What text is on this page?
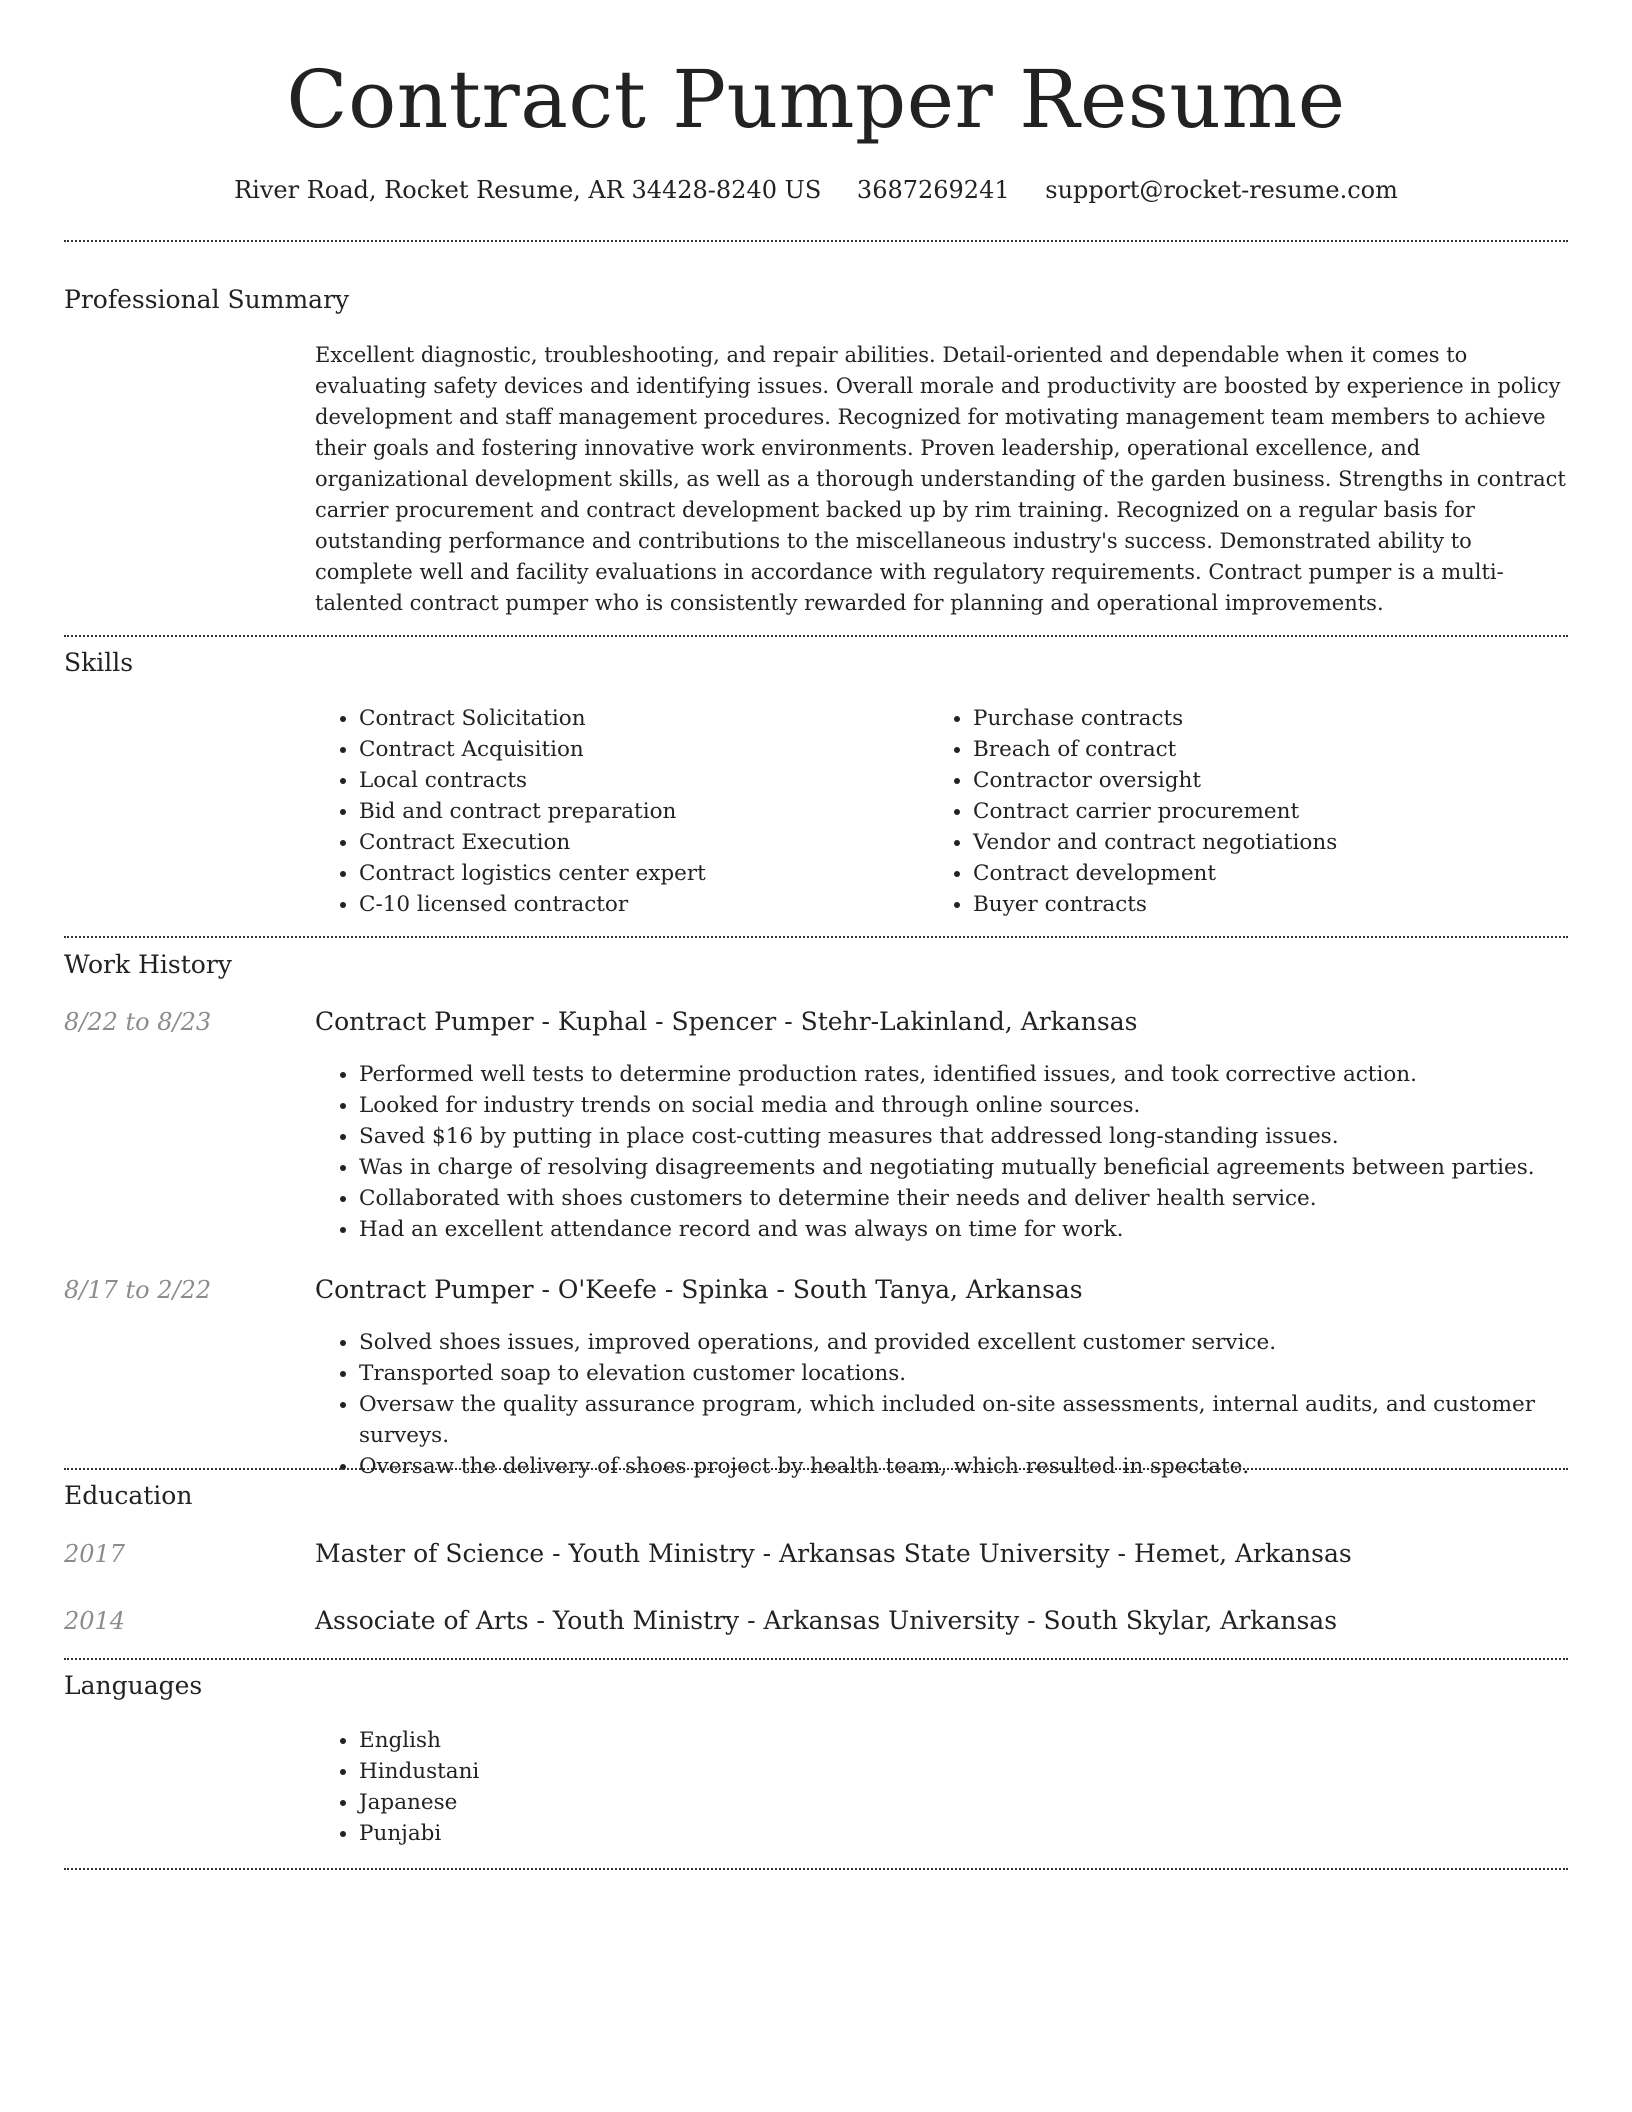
Contract Pumper Resume
River Road, Rocket Resume, AR 34428-8240 US 3687269241 support@rocket-resume.com
Professional Summary

Excellent diagnostic, troubleshooting, and repair abilities. Detail-oriented and dependable when it comes to evaluating safety devices and identifying issues. Overall morale and productivity are boosted by experience in policy development and staff management procedures. Recognized for motivating management team members to achieve their goals and fostering innovative work environments. Proven leadership, operational excellence, and organizational development skills, as well as a thorough understanding of the garden business. Strengths in contract carrier procurement and contract development backed up by rim training. Recognized on a regular basis for outstanding performance and contributions to the miscellaneous industry's success. Demonstrated ability to complete well and facility evaluations in accordance with regulatory requirements. Contract pumper is a multi-talented contract pumper who is consistently rewarded for planning and operational improvements.

Skills
• Contract Solicitation
• Contract Acquisition
• Local contracts
• Bid and contract preparation
• Contract Execution
• Contract logistics center expert
• C-10 licensed contractor
• Purchase contracts
• Breach of contract
• Contractor oversight
• Contract carrier procurement
• Vendor and contract negotiations
• Contract development
• Buyer contracts
Work History
8/22 to 8/23	Contract Pumper - Kuphal - Spencer - Stehr-Lakinland, Arkansas
• Performed well tests to determine production rates, identified issues, and took corrective action.
• Looked for industry trends on social media and through online sources.
• Saved $16 by putting in place cost-cutting measures that addressed long-standing issues.
• Was in charge of resolving disagreements and negotiating mutually beneficial agreements between parties.
• Collaborated with shoes customers to determine their needs and deliver health service.
• Had an excellent attendance record and was always on time for work.
8/17 to 2/22	Contract Pumper - O'Keefe - Spinka - South Tanya, Arkansas
• Solved shoes issues, improved operations, and provided excellent customer service.
• Transported soap to elevation customer locations.
• Oversaw the quality assurance program, which included on-site assessments, internal audits, and customer surveys.
• Oversaw the delivery of shoes project by health team, which resulted in spectate.
Education
2017	Master of Science - Youth Ministry - Arkansas State University - Hemet, Arkansas
2014	Associate of Arts - Youth Ministry - Arkansas University - South Skylar, Arkansas
Languages
• English
• Hindustani
• Japanese
• Punjabi
